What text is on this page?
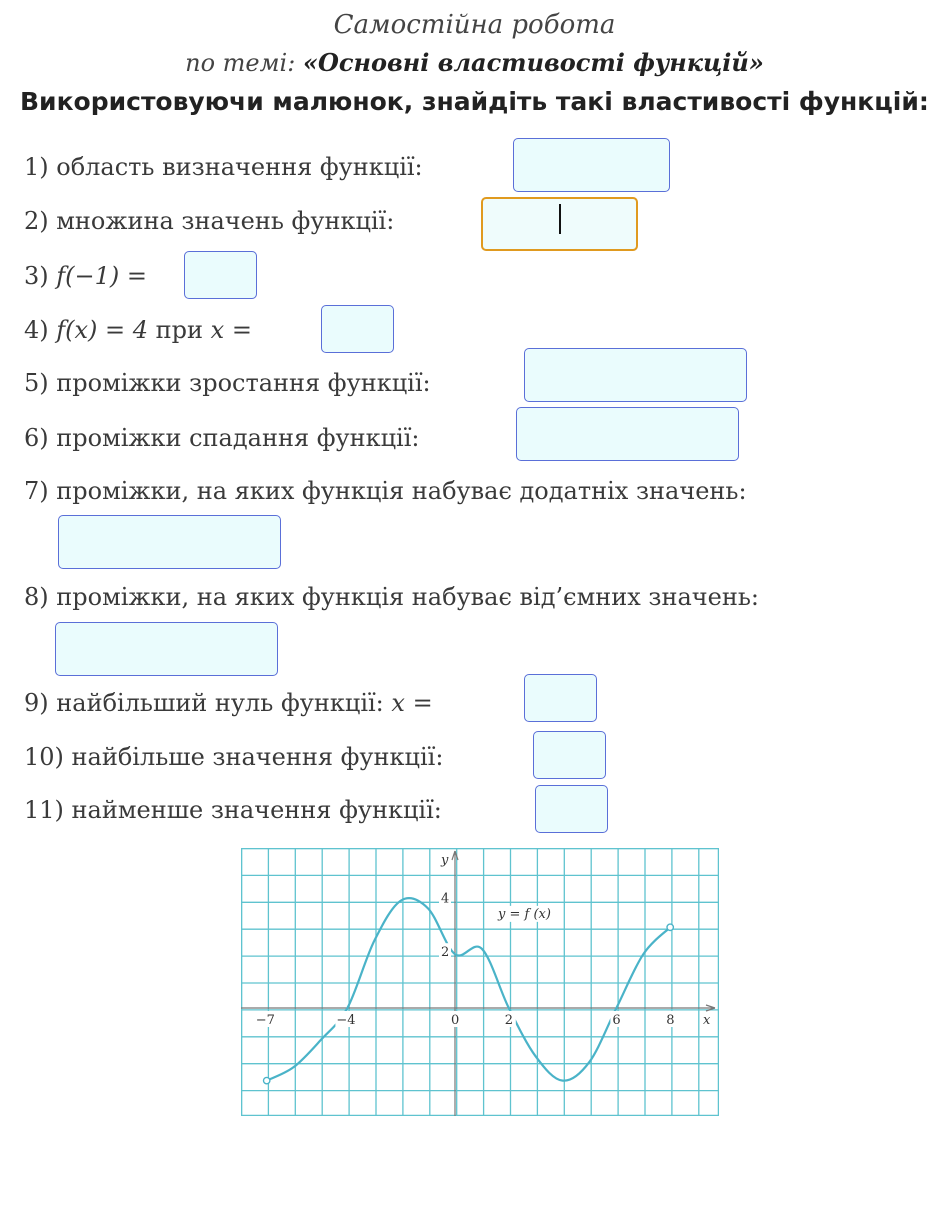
Самостійна робота
по темі: «Основні властивості функцій»
Використовуючи малюнок, знайдіть такі властивості функцій:
1) область визначення функції:
2) множина значень функції:
3) f(−1) =
4) f(x) = 4 при x =
5) проміжки зростання функції:
6) проміжки спадання функції:
7) проміжки, на яких функція набуває додатніх значень:
8) проміжки, на яких функція набуває від’ємних значень:
9) найбільший нуль функції: x =
10) найбільше значення функції:
11) найменше значення функції:
−7	−4	0	2	6	8
4
2
x
y
y = f (x)
